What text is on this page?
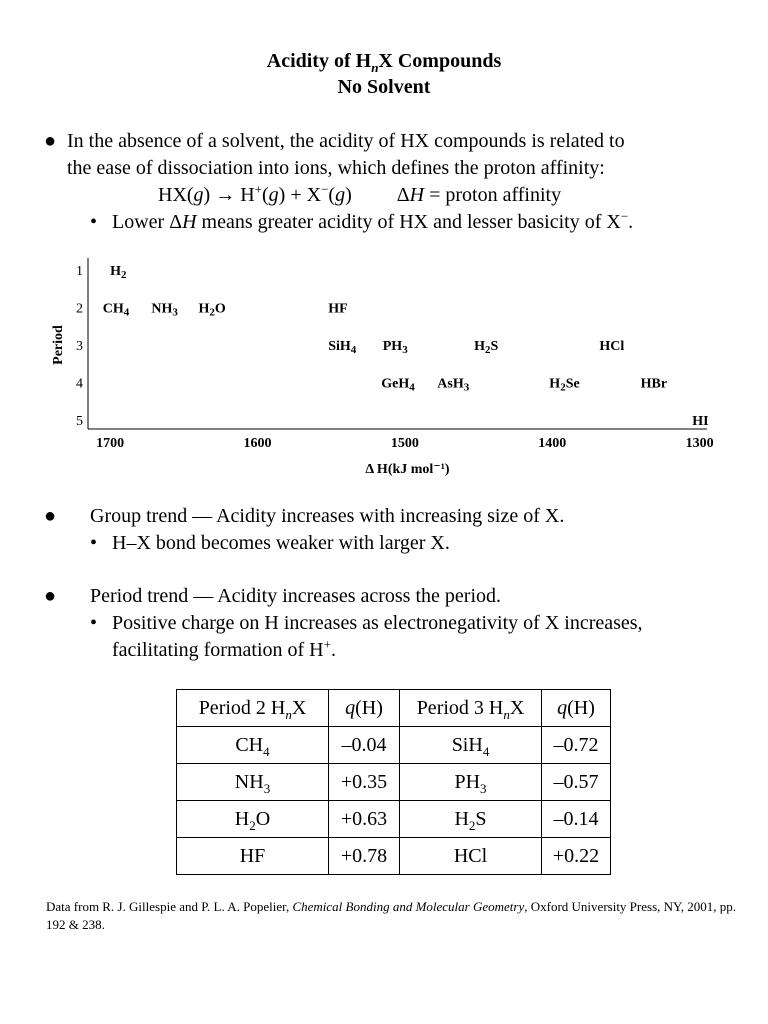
Acidity of $H_nX$ Compounds
No Solvent
● In the absence of a solvent, the acidity of HX compounds is related to
the ease of dissociation into ions, which defines the proton affinity:
HX(g) → H+(g) + X−(g) ΔH = proton affinity
• Lower ΔH means greater acidity of HX and lesser basicity of X−.
1
2
3
4
5
1700	1600	1500	1400	1300
H2
CH4 NH3 H2O	HF
SiH4 PH3	H2S	HCl
GeH4 AsH3	H2Se	HBr
HI
Period
Δ H(kJ mol⁻¹)
● Group trend — Acidity increases with increasing size of X.
• H–X bond becomes weaker with larger X.
● Period trend — Acidity increases across the period.
• Positive charge on H increases as electronegativity of X increases,
facilitating formation of H+.
Period 2 $H_nX$	q(H)	Period 3 $H_nX$	q(H)
$CH_4$	–0.04	SiH$_4$	–0.72
$NH_3$	+0.35	$PH_3$	–0.57
$H_2O$	+0.63	$H_2S$	–0.14
HF	+0.78	HCl	+0.22
Data from R. J. Gillespie and P. L. A. Popelier, Chemical Bonding and Molecular Geometry, Oxford University Press, NY, 2001, pp. 192 & 238.
